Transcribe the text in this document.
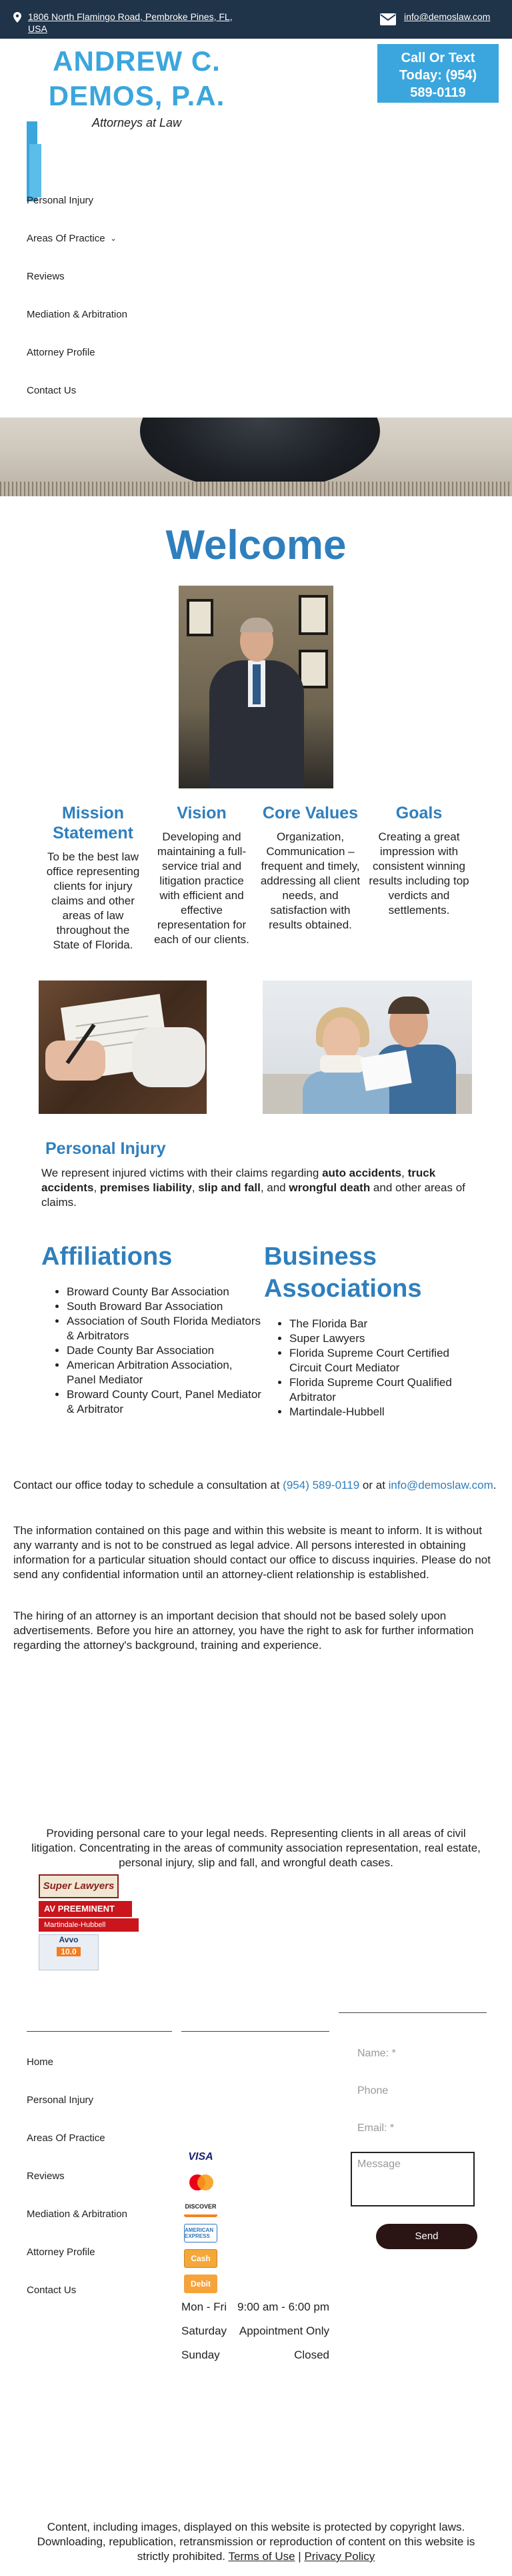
1806 North Flamingo Road, Pembroke Pines, FL, USA
info@demoslaw.com
ANDREW C.
DEMOS, P.A.
Attorneys at Law
Call Or Text
Today: (954)
589-0119
Personal Injury
Areas Of Practice ⌄
Reviews
Mediation & Arbitration
Attorney Profile
Contact Us
Welcome
Mission Statement

To be the best law office representing clients for injury claims and other areas of law throughout the State of Florida.

Vision

Developing and maintaining a full-service trial and litigation practice with efficient and effective representation for each of our clients.

Core Values

Organization, Communication – frequent and timely, addressing all client needs, and satisfaction with results obtained.

Goals

Creating a great impression with consistent winning results including top verdicts and settlements.

Personal Injury

We represent injured victims with their claims regarding auto accidents, truck accidents, premises liability, slip and fall, and wrongful death and other areas of claims.

Affiliations
• Broward County Bar Association
• South Broward Bar Association
• Association of South Florida Mediators & Arbitrators
• Dade County Bar Association
• American Arbitration Association, Panel Mediator
• Broward County Court, Panel Mediator & Arbitrator
Business Associations
• The Florida Bar
• Super Lawyers
• Florida Supreme Court Certified Circuit Court Mediator
• Florida Supreme Court Qualified Arbitrator
• Martindale-Hubbell

Contact our office today to schedule a consultation at (954) 589-0119 or at info@demoslaw.com.

The information contained on this page and within this website is meant to inform. It is without any warranty and is not to be construed as legal advice. All persons interested in obtaining information for a particular situation should contact our office to discuss inquiries. Please do not send any confidential information until an attorney-client relationship is established.

The hiring of an attorney is an important decision that should not be based solely upon advertisements. Before you hire an attorney, you have the right to ask for further information regarding the attorney's background, training and experience.

Providing personal care to your legal needs. Representing clients in all areas of civil litigation. Concentrating in the areas of community association representation, real estate, personal injury, slip and fall, and wrongful death cases.

Super Lawyers
AV PREEMINENT
Martindale-Hubbell
Avvo
10.0
Home
Personal Injury
Areas Of Practice
Reviews
Mediation & Arbitration
Attorney Profile
Contact Us
VISA
DISCOVER
AMERICAN EXPRESS
Cash
Debit
Mon - Fri 9:00 am - 6:00 pm
Saturday Appointment Only
Sunday	Closed
Name: *
Phone
Email: *
Message
Send

Content, including images, displayed on this website is protected by copyright laws. Downloading, republication, retransmission or reproduction of content on this website is strictly prohibited. Terms of Use | Privacy Policy
